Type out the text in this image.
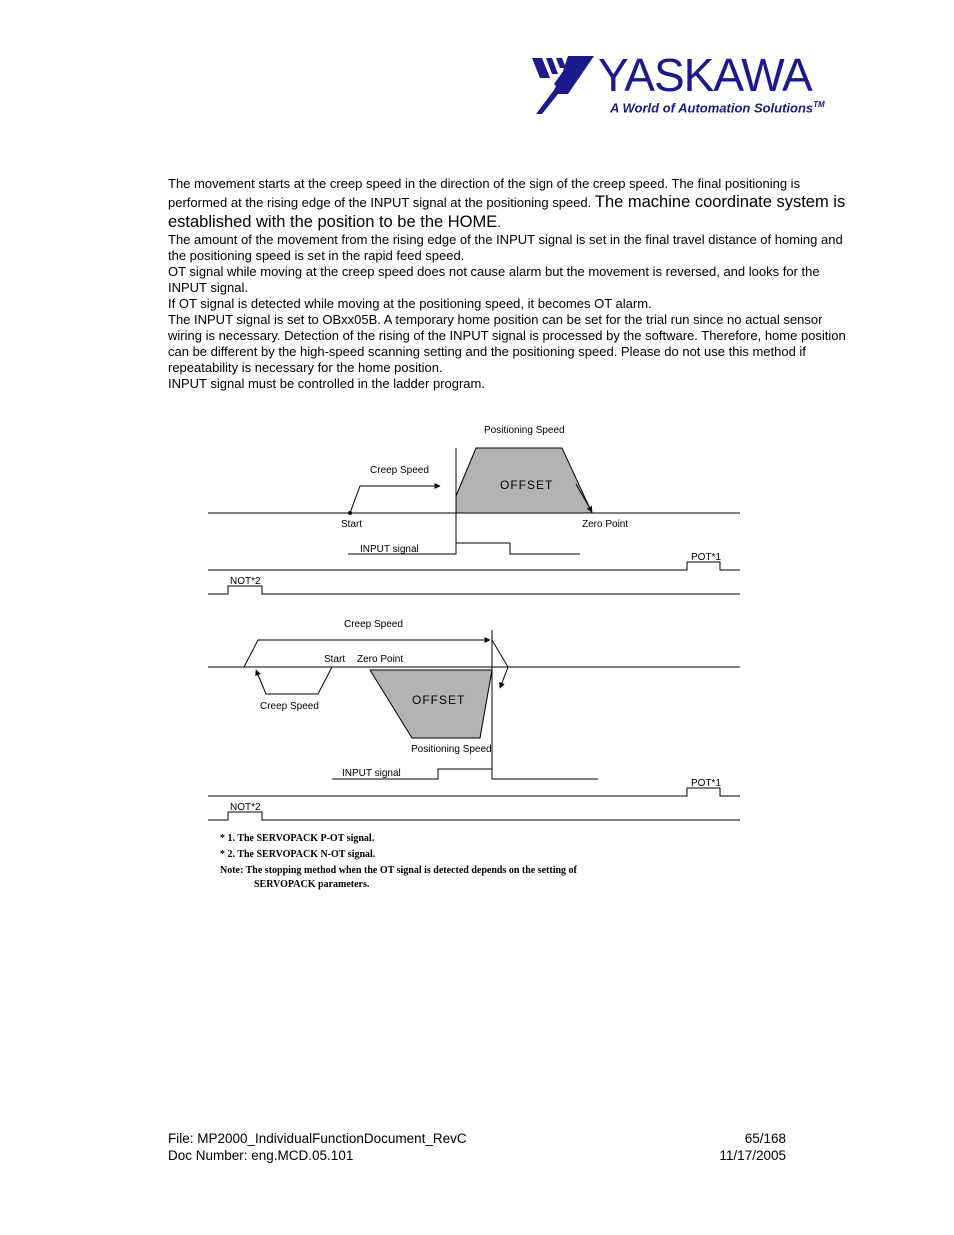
YASKAWA
A World of Automation Solutions™

The movement starts at the creep speed in the direction of the sign of the creep speed. The final positioning is performed at the rising edge of the INPUT signal at the positioning speed. The machine coordinate system is established with the position to be the HOME.

The amount of the movement from the rising edge of the INPUT signal is set in the final travel distance of homing and the positioning speed is set in the rapid feed speed.

OT signal while moving at the creep speed does not cause alarm but the movement is reversed, and looks for the INPUT signal.

If OT signal is detected while moving at the positioning speed, it becomes OT alarm.

The INPUT signal is set to OBxx05B. A temporary home position can be set for the trial run since no actual sensor wiring is necessary. Detection of the rising of the INPUT signal is processed by the software. Therefore, home position can be different by the high-speed scanning setting and the positioning speed. Please do not use this method if repeatability is necessary for the home position.

INPUT signal must be controlled in the ladder program.

Positioning Speed
Creep Speed
OFFSET
Start	Zero Point
INPUT signal
POT*1
NOT*2
Creep Speed
Start Zero Point
Creep Speed	OFFSET
Positioning Speed
INPUT signal
POT*1
NOT*2
* 1. The SERVOPACK P-OT signal.
* 2. The SERVOPACK N-OT signal.
Note: The stopping method when the OT signal is detected depends on the setting of
SERVOPACK parameters.
File: MP2000_IndividualFunctionDocument_RevC	65/168
Doc Number: eng.MCD.05.101	11/17/2005
